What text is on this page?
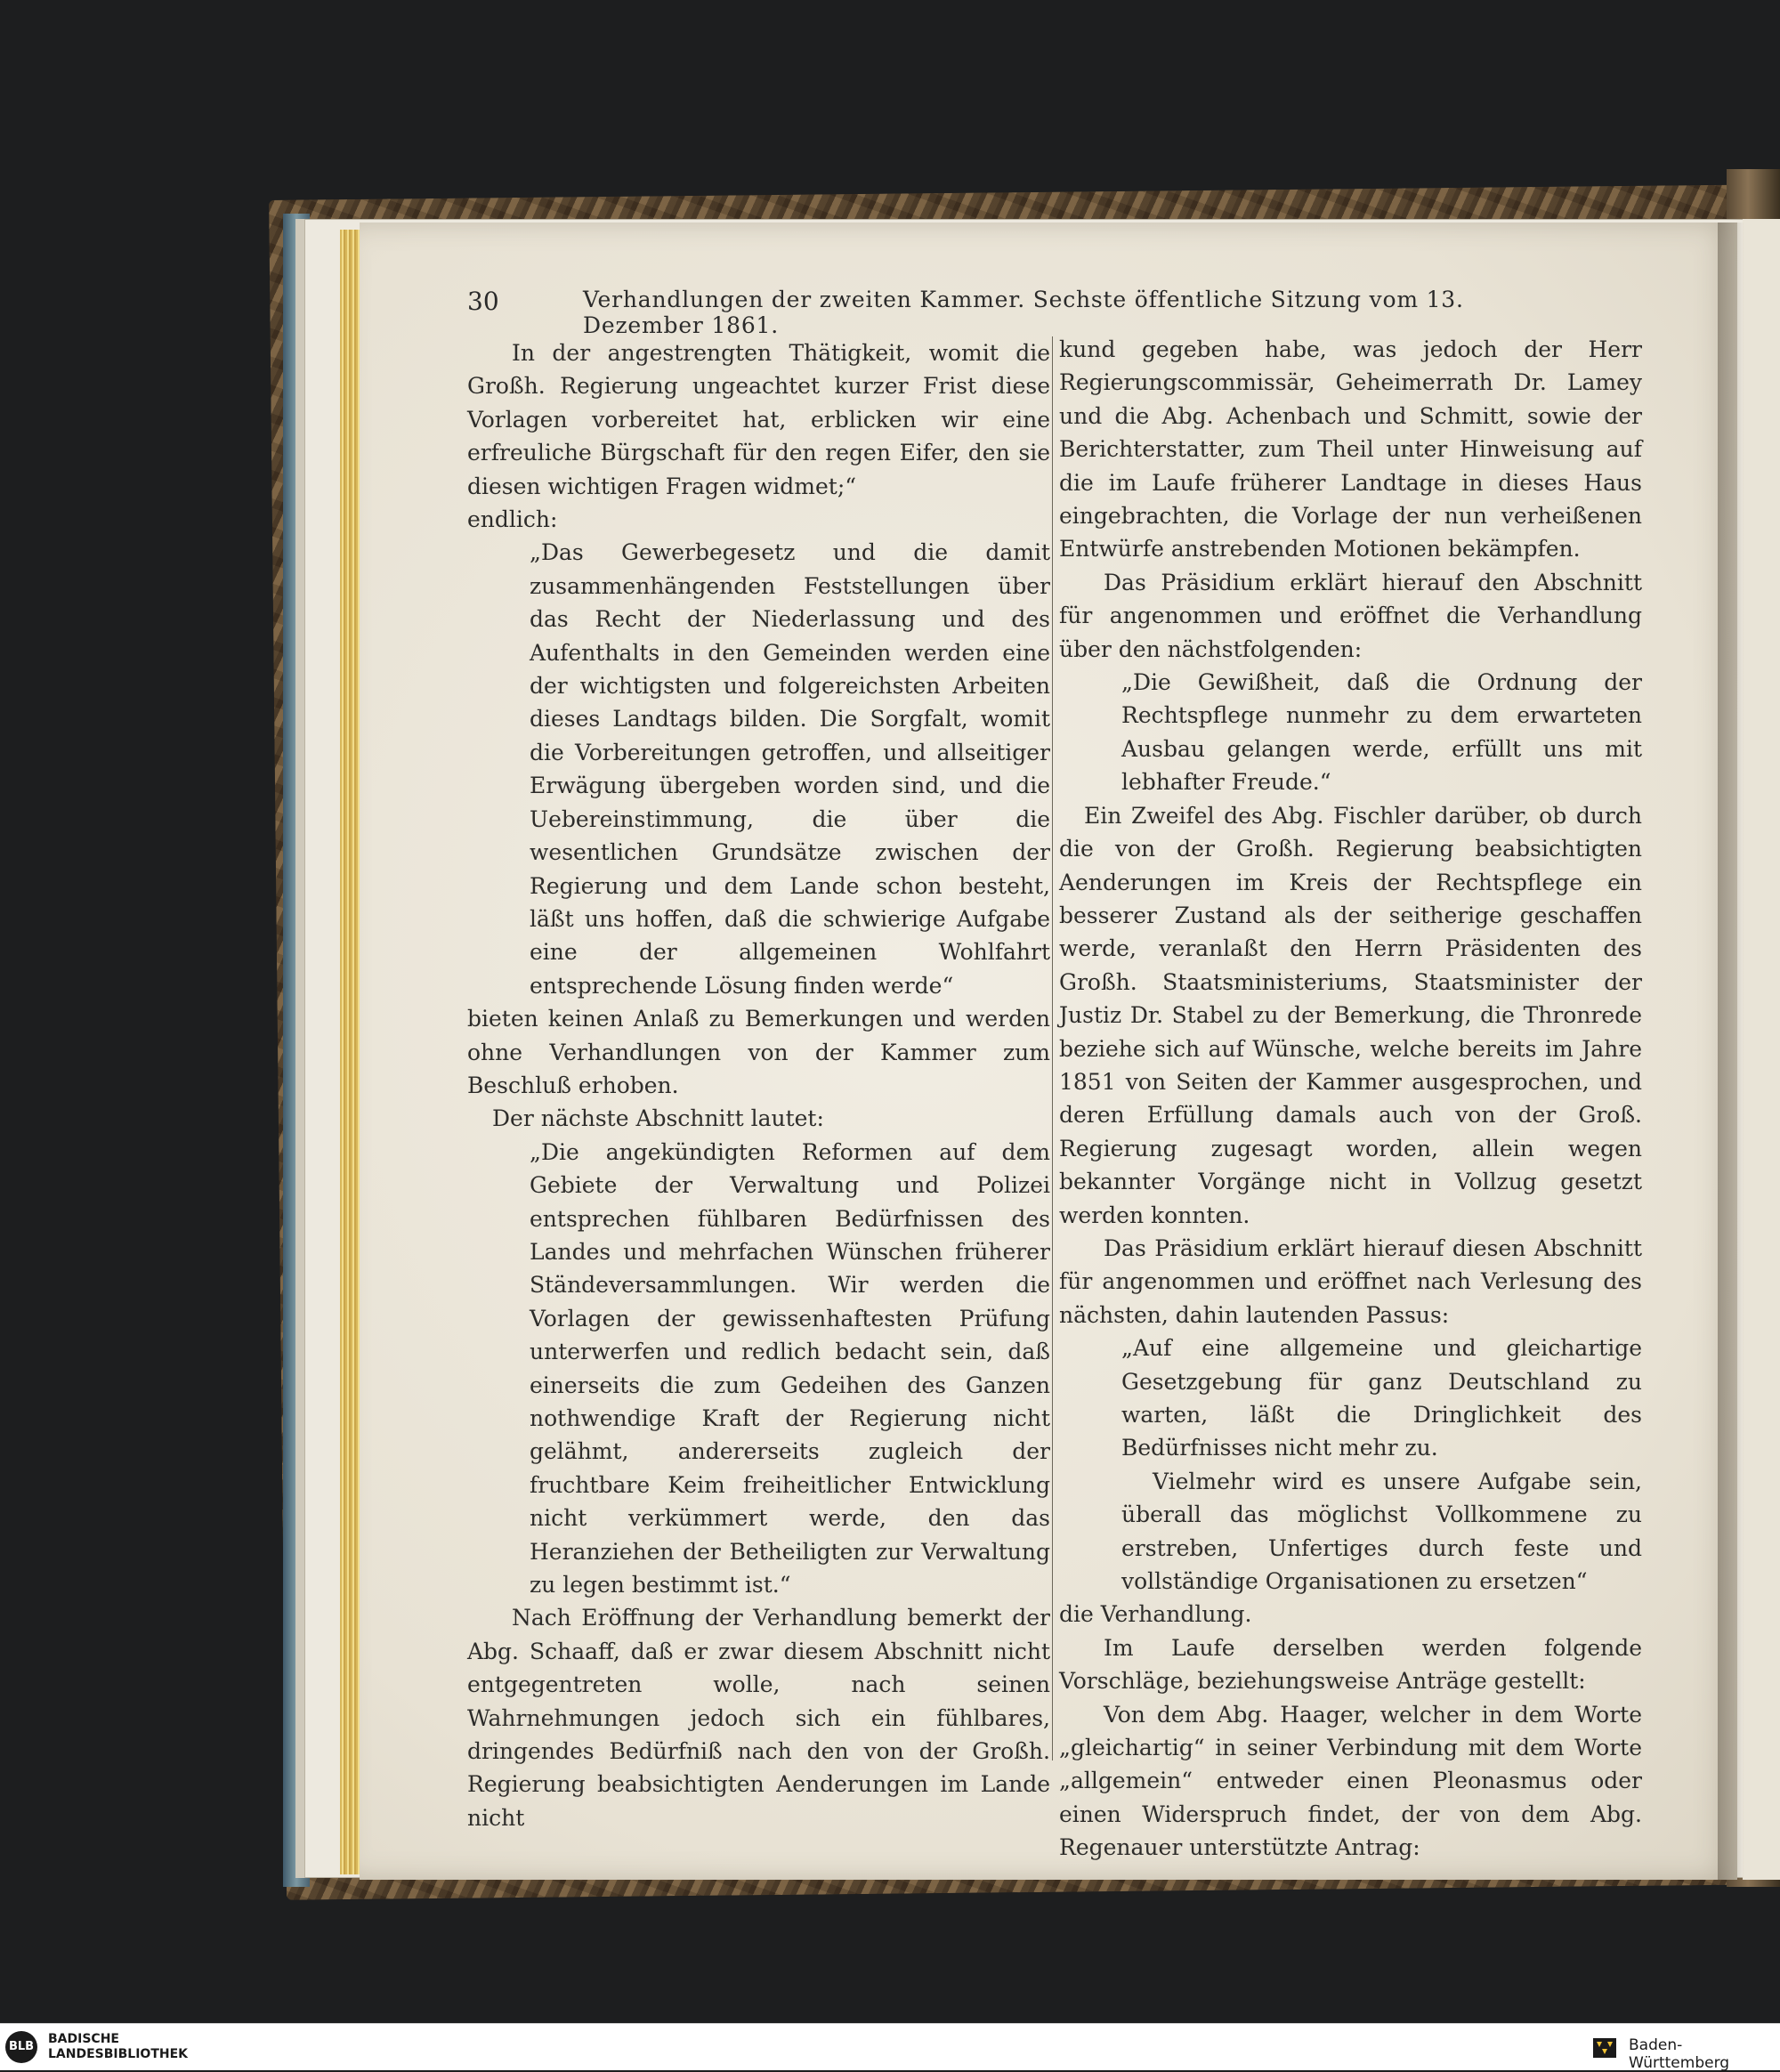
30	Verhandlungen der zweiten Kammer. Sechste öffentliche Sitzung vom 13. Dezember 1861.

In der angestrengten Thätigkeit, womit die Großh. Regierung ungeachtet kurzer Frist diese Vorlagen vorbereitet hat, erblicken wir eine erfreuliche Bürgschaft für den regen Eifer, den sie diesen wichtigen Fragen widmet;“

endlich:

„Das Gewerbegesetz und die damit zusammenhängenden Feststellungen über das Recht der Niederlassung und des Aufenthalts in den Gemeinden werden eine der wichtigsten und folgereichsten Arbeiten dieses Landtags bilden. Die Sorgfalt, womit die Vorbereitungen getroffen, und allseitiger Erwägung übergeben worden sind, und die Uebereinstimmung, die über die wesentlichen Grundsätze zwischen der Regierung und dem Lande schon besteht, läßt uns hoffen, daß die schwierige Aufgabe eine der allgemeinen Wohlfahrt entsprechende Lösung finden werde“

bieten keinen Anlaß zu Bemerkungen und werden ohne Verhandlungen von der Kammer zum Beschluß erhoben.

Der nächste Abschnitt lautet:

„Die angekündigten Reformen auf dem Gebiete der Verwaltung und Polizei entsprechen fühlbaren Bedürfnissen des Landes und mehrfachen Wünschen früherer Ständeversammlungen. Wir werden die Vorlagen der gewissenhaftesten Prüfung unterwerfen und redlich bedacht sein, daß einerseits die zum Gedeihen des Ganzen nothwendige Kraft der Regierung nicht gelähmt, andererseits zugleich der fruchtbare Keim freiheitlicher Entwicklung nicht verkümmert werde, den das Heranziehen der Betheiligten zur Verwaltung zu legen bestimmt ist.“

Nach Eröffnung der Verhandlung bemerkt der Abg. Schaaff, daß er zwar diesem Abschnitt nicht entgegentreten wolle, nach seinen Wahrnehmungen jedoch sich ein fühlbares, dringendes Bedürfniß nach den von der Großh. Regierung beabsichtigten Aenderungen im Lande nicht

kund gegeben habe, was jedoch der Herr Regierungscommissär, Geheimerrath Dr. Lamey und die Abg. Achenbach und Schmitt, sowie der Berichterstatter, zum Theil unter Hinweisung auf die im Laufe früherer Landtage in dieses Haus eingebrachten, die Vorlage der nun verheißenen Entwürfe anstrebenden Motionen bekämpfen.

Das Präsidium erklärt hierauf den Abschnitt für angenommen und eröffnet die Verhandlung über den nächstfolgenden:

„Die Gewißheit, daß die Ordnung der Rechtspflege nunmehr zu dem erwarteten Ausbau gelangen werde, erfüllt uns mit lebhafter Freude.“

Ein Zweifel des Abg. Fischler darüber, ob durch die von der Großh. Regierung beabsichtigten Aenderungen im Kreis der Rechtspflege ein besserer Zustand als der seitherige geschaffen werde, veranlaßt den Herrn Präsidenten des Großh. Staatsministeriums, Staatsminister der Justiz Dr. Stabel zu der Bemerkung, die Thronrede beziehe sich auf Wünsche, welche bereits im Jahre 1851 von Seiten der Kammer ausgesprochen, und deren Erfüllung damals auch von der Groß. Regierung zugesagt worden, allein wegen bekannter Vorgänge nicht in Vollzug gesetzt werden konnten.

Das Präsidium erklärt hierauf diesen Abschnitt für angenommen und eröffnet nach Verlesung des nächsten, dahin lautenden Passus:

„Auf eine allgemeine und gleichartige Gesetzgebung für ganz Deutschland zu warten, läßt die Dringlichkeit des Bedürfnisses nicht mehr zu.

Vielmehr wird es unsere Aufgabe sein, überall das möglichst Vollkommene zu erstreben, Unfertiges durch feste und vollständige Organisationen zu ersetzen“

die Verhandlung.

Im Laufe derselben werden folgende Vorschläge, beziehungsweise Anträge gestellt:

Von dem Abg. Haager, welcher in dem Worte „gleichartig“ in seiner Verbindung mit dem Worte „allgemein“ entweder einen Pleonasmus oder einen Widerspruch findet, der von dem Abg. Regenauer unterstützte Antrag:

BLB
BADISCHE
LANDESBIBLIOTHEK	Baden-Württemberg
